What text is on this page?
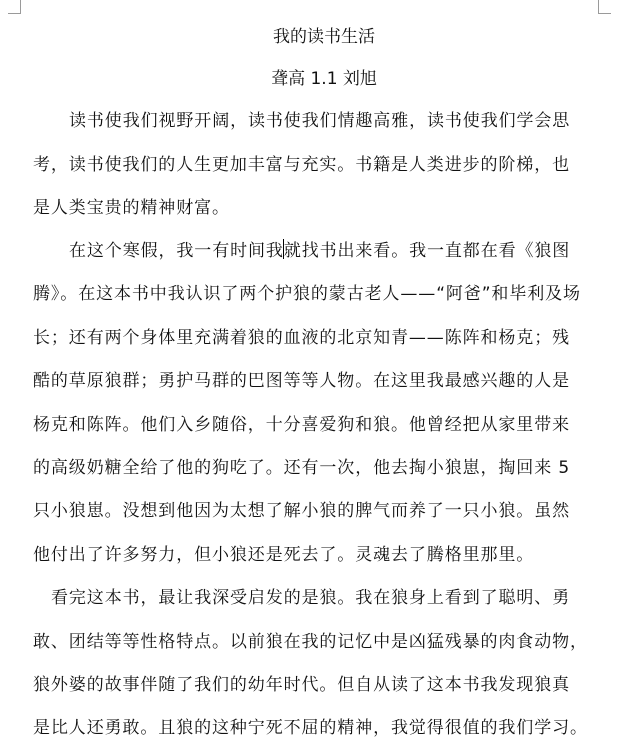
我的读书生活
聋高 1.1 刘旭
读书使我们视野开阔，读书使我们情趣高雅，读书使我们学会思
考，读书使我们的人生更加丰富与充实。书籍是人类进步的阶梯，也
是人类宝贵的精神财富。
在这个寒假，我一有时间我就找书出来看。我一直都在看《狼图
腾》。在这本书中我认识了两个护狼的蒙古老人——“阿爸”和毕利及场
长；还有两个身体里充满着狼的血液的北京知青——陈阵和杨克；残
酷的草原狼群；勇护马群的巴图等等人物。在这里我最感兴趣的人是
杨克和陈阵。他们入乡随俗，十分喜爱狗和狼。他曾经把从家里带来
的高级奶糖全给了他的狗吃了。还有一次，他去掏小狼崽，掏回来 5
只小狼崽。没想到他因为太想了解小狼的脾气而养了一只小狼。虽然
他付出了许多努力，但小狼还是死去了。灵魂去了腾格里那里。
看完这本书，最让我深受启发的是狼。我在狼身上看到了聪明、勇
敢、团结等等性格特点。以前狼在我的记忆中是凶猛残暴的肉食动物，
狼外婆的故事伴随了我们的幼年时代。但自从读了这本书我发现狼真
是比人还勇敢。且狼的这种宁死不屈的精神，我觉得很值的我们学习。
